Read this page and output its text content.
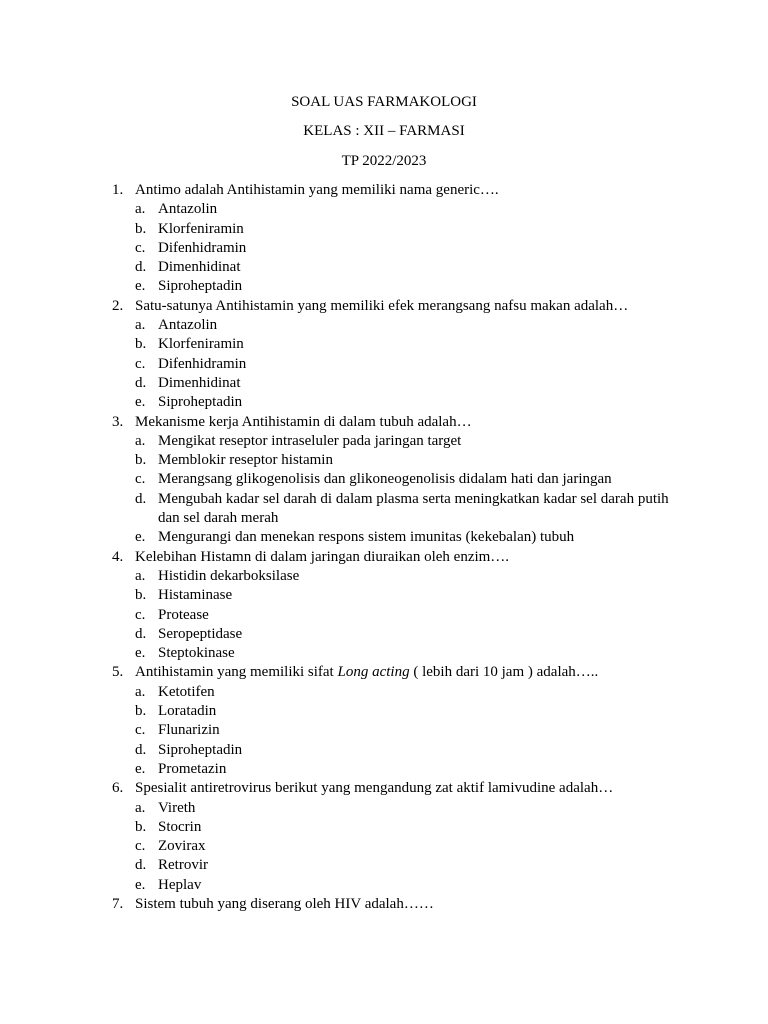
SOAL UAS FARMAKOLOGI
KELAS : XII – FARMASI
TP 2022/2023
1. Antimo adalah Antihistamin yang memiliki nama generic….
a. Antazolin
b. Klorfeniramin
c. Difenhidramin
d. Dimenhidinat
e. Siproheptadin
2. Satu-satunya Antihistamin yang memiliki efek merangsang nafsu makan adalah…
a. Antazolin
b. Klorfeniramin
c. Difenhidramin
d. Dimenhidinat
e. Siproheptadin
3. Mekanisme kerja Antihistamin di dalam tubuh adalah…
a. Mengikat reseptor intraseluler pada jaringan target
b. Memblokir reseptor histamin
c. Merangsang glikogenolisis dan glikoneogenolisis didalam hati dan jaringan
d. Mengubah kadar sel darah di dalam plasma serta meningkatkan kadar sel darah putih dan sel darah merah
e. Mengurangi dan menekan respons sistem imunitas (kekebalan) tubuh
4. Kelebihan Histamn di dalam jaringan diuraikan oleh enzim….
a. Histidin dekarboksilase
b. Histaminase
c. Protease
d. Seropeptidase
e. Steptokinase
5. Antihistamin yang memiliki sifat Long acting ( lebih dari 10 jam ) adalah…..
a. Ketotifen
b. Loratadin
c. Flunarizin
d. Siproheptadin
e. Prometazin
6. Spesialit antiretrovirus berikut yang mengandung zat aktif lamivudine adalah…
a. Vireth
b. Stocrin
c. Zovirax
d. Retrovir
e. Heplav
7. Sistem tubuh yang diserang oleh HIV adalah……
